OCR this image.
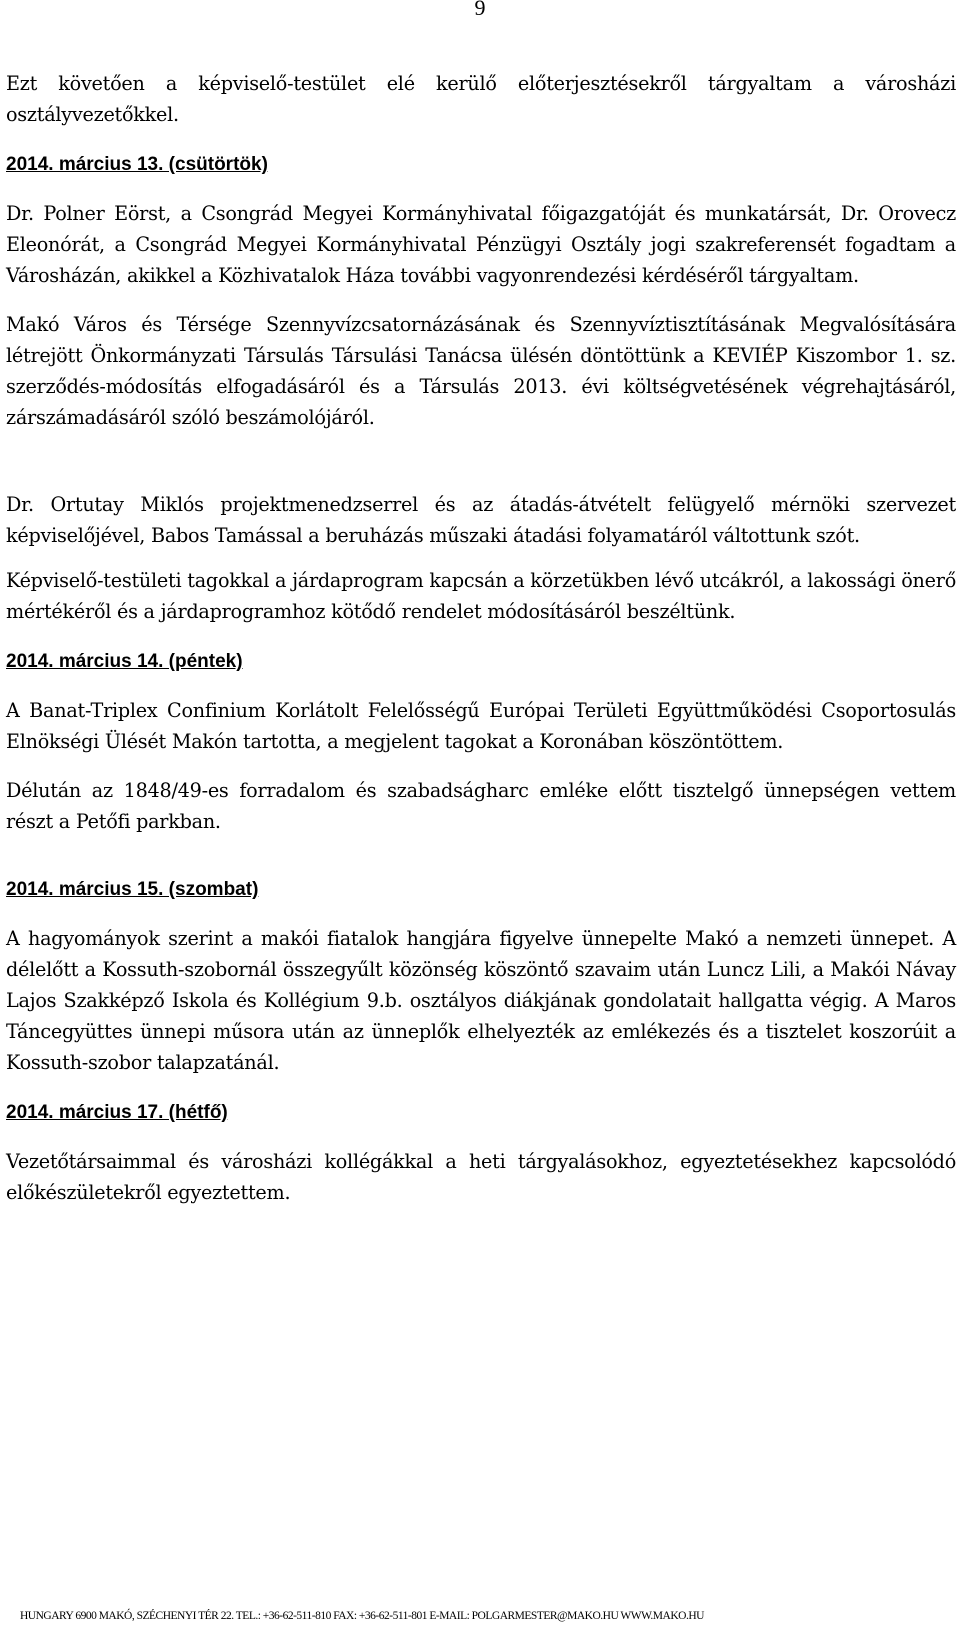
9

Ezt követően a képviselő-testület elé kerülő előterjesztésekről tárgyaltam a városházi osztályvezetőkkel.

2014. március 13. (csütörtök)

Dr. Polner Eörst, a Csongrád Megyei Kormányhivatal főigazgatóját és munkatársát, Dr. Orovecz Eleonórát, a Csongrád Megyei Kormányhivatal Pénzügyi Osztály jogi szakreferensét fogadtam a Városházán, akikkel a Közhivatalok Háza további vagyonrendezési kérdéséről tárgyaltam.

Makó Város és Térsége Szennyvízcsatornázásának és Szennyvíztisztításának Megvalósítására létrejött Önkormányzati Társulás Társulási Tanácsa ülésén döntöttünk a KEVIÉP Kiszombor 1. sz. szerződés-módosítás elfogadásáról és a Társulás 2013. évi költségvetésének végrehajtásáról, zárszámadásáról szóló beszámolójáról.

Dr. Ortutay Miklós projektmenedzserrel és az átadás-átvételt felügyelő mérnöki szervezet képviselőjével, Babos Tamással a beruházás műszaki átadási folyamatáról váltottunk szót.

Képviselő-testületi tagokkal a járdaprogram kapcsán a körzetükben lévő utcákról, a lakossági önerő mértékéről és a járdaprogramhoz kötődő rendelet módosításáról beszéltünk.

2014. március 14. (péntek)

A Banat-Triplex Confinium Korlátolt Felelősségű Európai Területi Együttműködési Csoportosulás Elnökségi Ülését Makón tartotta, a megjelent tagokat a Koronában köszöntöttem.

Délután az 1848/49-es forradalom és szabadságharc emléke előtt tisztelgő ünnepségen vettem részt a Petőfi parkban.

2014. március 15. (szombat)

A hagyományok szerint a makói fiatalok hangjára figyelve ünnepelte Makó a nemzeti ünnepet. A délelőtt a Kossuth-szobornál összegyűlt közönség köszöntő szavaim után Luncz Lili, a Makói Návay Lajos Szakképző Iskola és Kollégium 9.b. osztályos diákjának gondolatait hallgatta végig. A Maros Táncegyüttes ünnepi műsora után az ünneplők elhelyezték az emlékezés és a tisztelet koszorúit a Kossuth-szobor talapzatánál.

2014. március 17. (hétfő)

Vezetőtársaimmal és városházi kollégákkal a heti tárgyalásokhoz, egyeztetésekhez kapcsolódó előkészületekről egyeztettem.

HUNGARY 6900 MAKÓ, SZÉCHENYI TÉR 22. TEL.: +36-62-511-810 FAX: +36-62-511-801 E-MAIL: POLGARMESTER@MAKO.HU WWW.MAKO.HU
